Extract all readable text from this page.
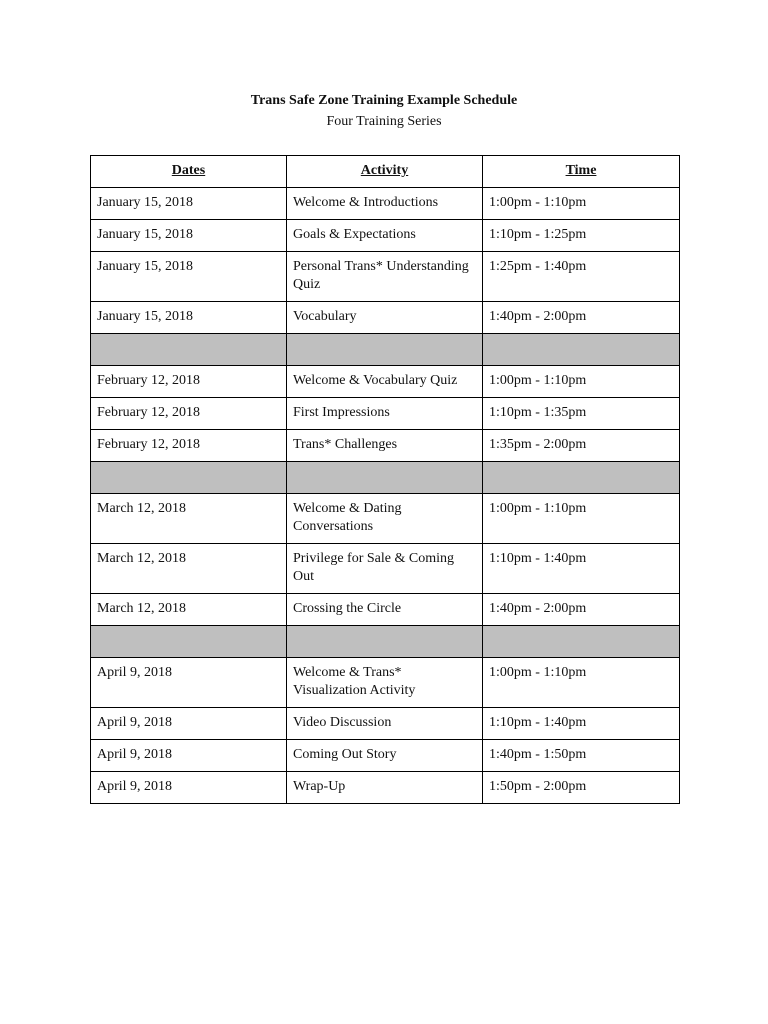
Trans Safe Zone Training Example Schedule
Four Training Series
Dates	Activity	Time
January 15, 2018	Welcome & Introductions	1:00pm - 1:10pm
January 15, 2018	Goals & Expectations	1:10pm - 1:25pm
January 15, 2018	Personal Trans* Understanding Quiz	1:25pm - 1:40pm
January 15, 2018	Vocabulary	1:40pm - 2:00pm

February 12, 2018	Welcome & Vocabulary Quiz	1:00pm - 1:10pm
February 12, 2018	First Impressions	1:10pm - 1:35pm
February 12, 2018	Trans* Challenges	1:35pm - 2:00pm

March 12, 2018	Welcome & Dating Conversations	1:00pm - 1:10pm
March 12, 2018	Privilege for Sale & Coming Out	1:10pm - 1:40pm
March 12, 2018	Crossing the Circle	1:40pm - 2:00pm

April 9, 2018	Welcome & Trans* Visualization Activity	1:00pm - 1:10pm
April 9, 2018	Video Discussion	1:10pm - 1:40pm
April 9, 2018	Coming Out Story	1:40pm - 1:50pm
April 9, 2018	Wrap-Up	1:50pm - 2:00pm
